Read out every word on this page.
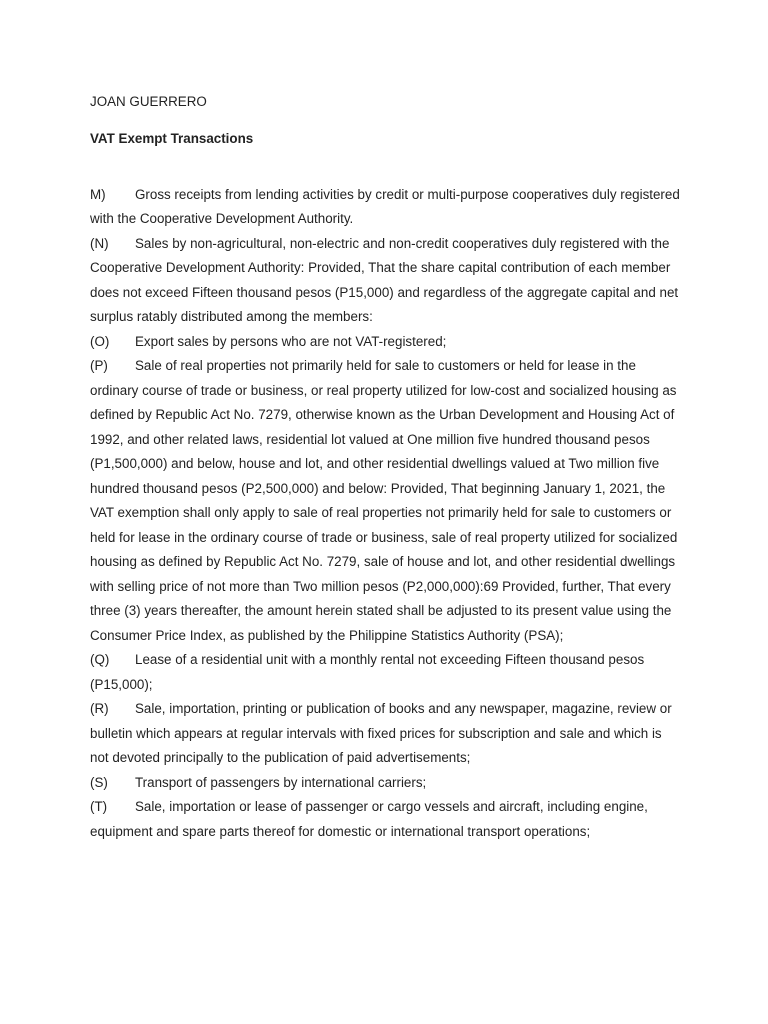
JOAN GUERRERO

VAT Exempt Transactions

M) Gross receipts from lending activities by credit or multi-purpose cooperatives duly registered with the Cooperative Development Authority.

(N) Sales by non-agricultural, non-electric and non-credit cooperatives duly registered with the Cooperative Development Authority: Provided, That the share capital contribution of each member does not exceed Fifteen thousand pesos (P15,000) and regardless of the aggregate capital and net surplus ratably distributed among the members:

(O) Export sales by persons who are not VAT-registered;

(P) Sale of real properties not primarily held for sale to customers or held for lease in the ordinary course of trade or business, or real property utilized for low-cost and socialized housing as defined by Republic Act No. 7279, otherwise known as the Urban Development and Housing Act of 1992, and other related laws, residential lot valued at One million five hundred thousand pesos (P1,500,000) and below, house and lot, and other residential dwellings valued at Two million five hundred thousand pesos (P2,500,000) and below: Provided, That beginning January 1, 2021, the VAT exemption shall only apply to sale of real properties not primarily held for sale to customers or held for lease in the ordinary course of trade or business, sale of real property utilized for socialized housing as defined by Republic Act No. 7279, sale of house and lot, and other residential dwellings with selling price of not more than Two million pesos (P2,000,000):69 Provided, further, That every three (3) years thereafter, the amount herein stated shall be adjusted to its present value using the Consumer Price Index, as published by the Philippine Statistics Authority (PSA);

(Q) Lease of a residential unit with a monthly rental not exceeding Fifteen thousand pesos (P15,000);

(R) Sale, importation, printing or publication of books and any newspaper, magazine, review or bulletin which appears at regular intervals with fixed prices for subscription and sale and which is not devoted principally to the publication of paid advertisements;

(S) Transport of passengers by international carriers;

(T) Sale, importation or lease of passenger or cargo vessels and aircraft, including engine, equipment and spare parts thereof for domestic or international transport operations;
